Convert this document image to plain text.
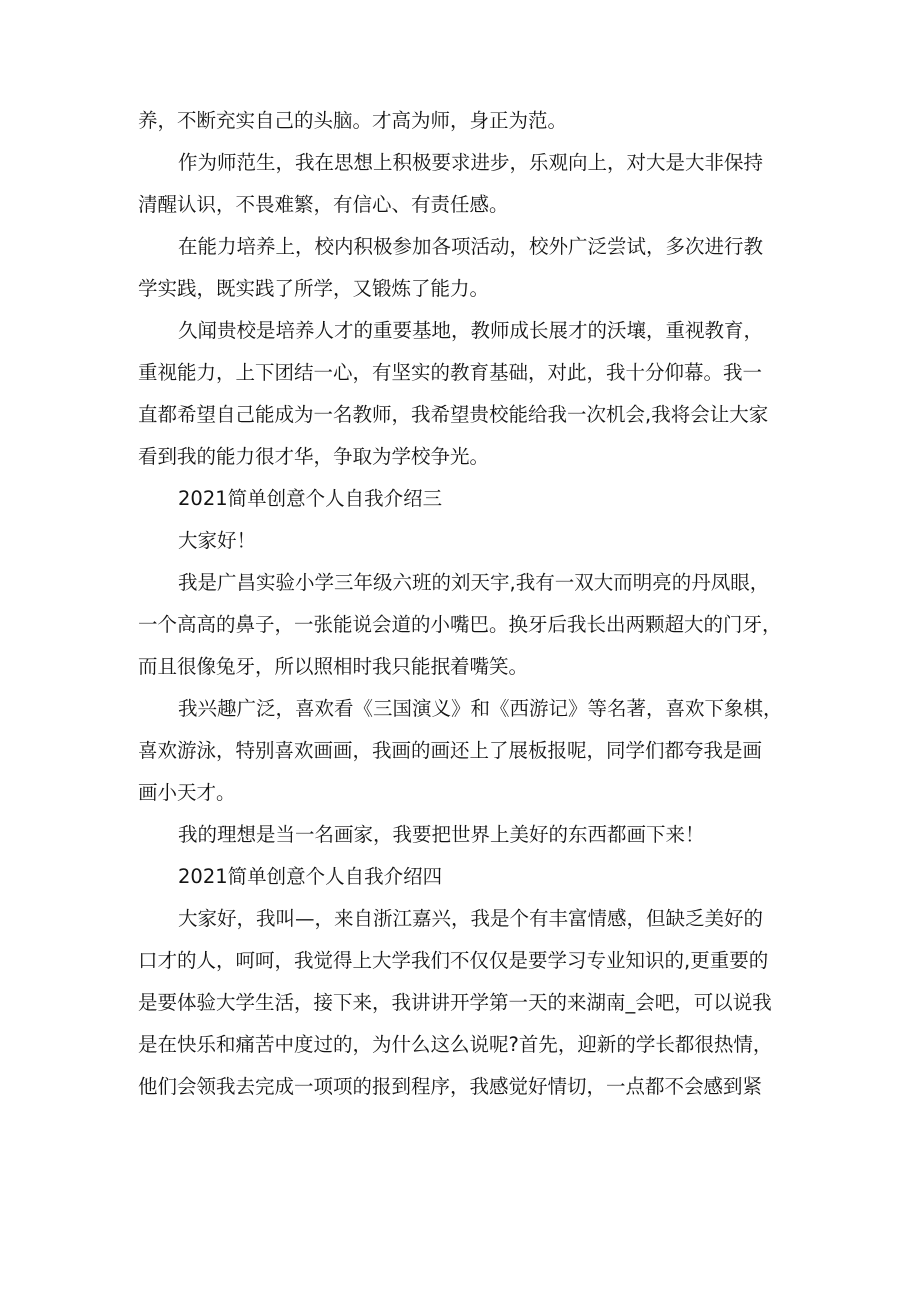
养，不断充实自己的头脑。才高为师，身正为范。
作为师范生，我在思想上积极要求进步，乐观向上，对大是大非保持
清醒认识，不畏难繁，有信心、有责任感。
在能力培养上，校内积极参加各项活动，校外广泛尝试，多次进行教
学实践，既实践了所学，又锻炼了能力。
久闻贵校是培养人才的重要基地，教师成长展才的沃壤，重视教育，
重视能力，上下团结一心，有坚实的教育基础，对此，我十分仰幕。我一
直都希望自己能成为一名教师，我希望贵校能给我一次机会,我将会让大家
看到我的能力很才华，争取为学校争光。
2021简单创意个人自我介绍三
大家好！
我是广昌实验小学三年级六班的刘天宇,我有一双大而明亮的丹凤眼，
一个高高的鼻子，一张能说会道的小嘴巴。换牙后我长出两颗超大的门牙，
而且很像兔牙，所以照相时我只能抿着嘴笑。
我兴趣广泛，喜欢看《三国演义》和《西游记》等名著，喜欢下象棋，
喜欢游泳，特别喜欢画画，我画的画还上了展板报呢，同学们都夸我是画
画小天才。
我的理想是当一名画家，我要把世界上美好的东西都画下来！
2021简单创意个人自我介绍四
大家好，我叫—，来自浙江嘉兴，我是个有丰富情感，但缺乏美好的
口才的人，呵呵，我觉得上大学我们不仅仅是要学习专业知识的,更重要的
是要体验大学生活，接下来，我讲讲开学第一天的来湖南_会吧，可以说我
是在快乐和痛苦中度过的，为什么这么说呢?首先，迎新的学长都很热情，
他们会领我去完成一项项的报到程序，我感觉好情切，一点都不会感到紧
